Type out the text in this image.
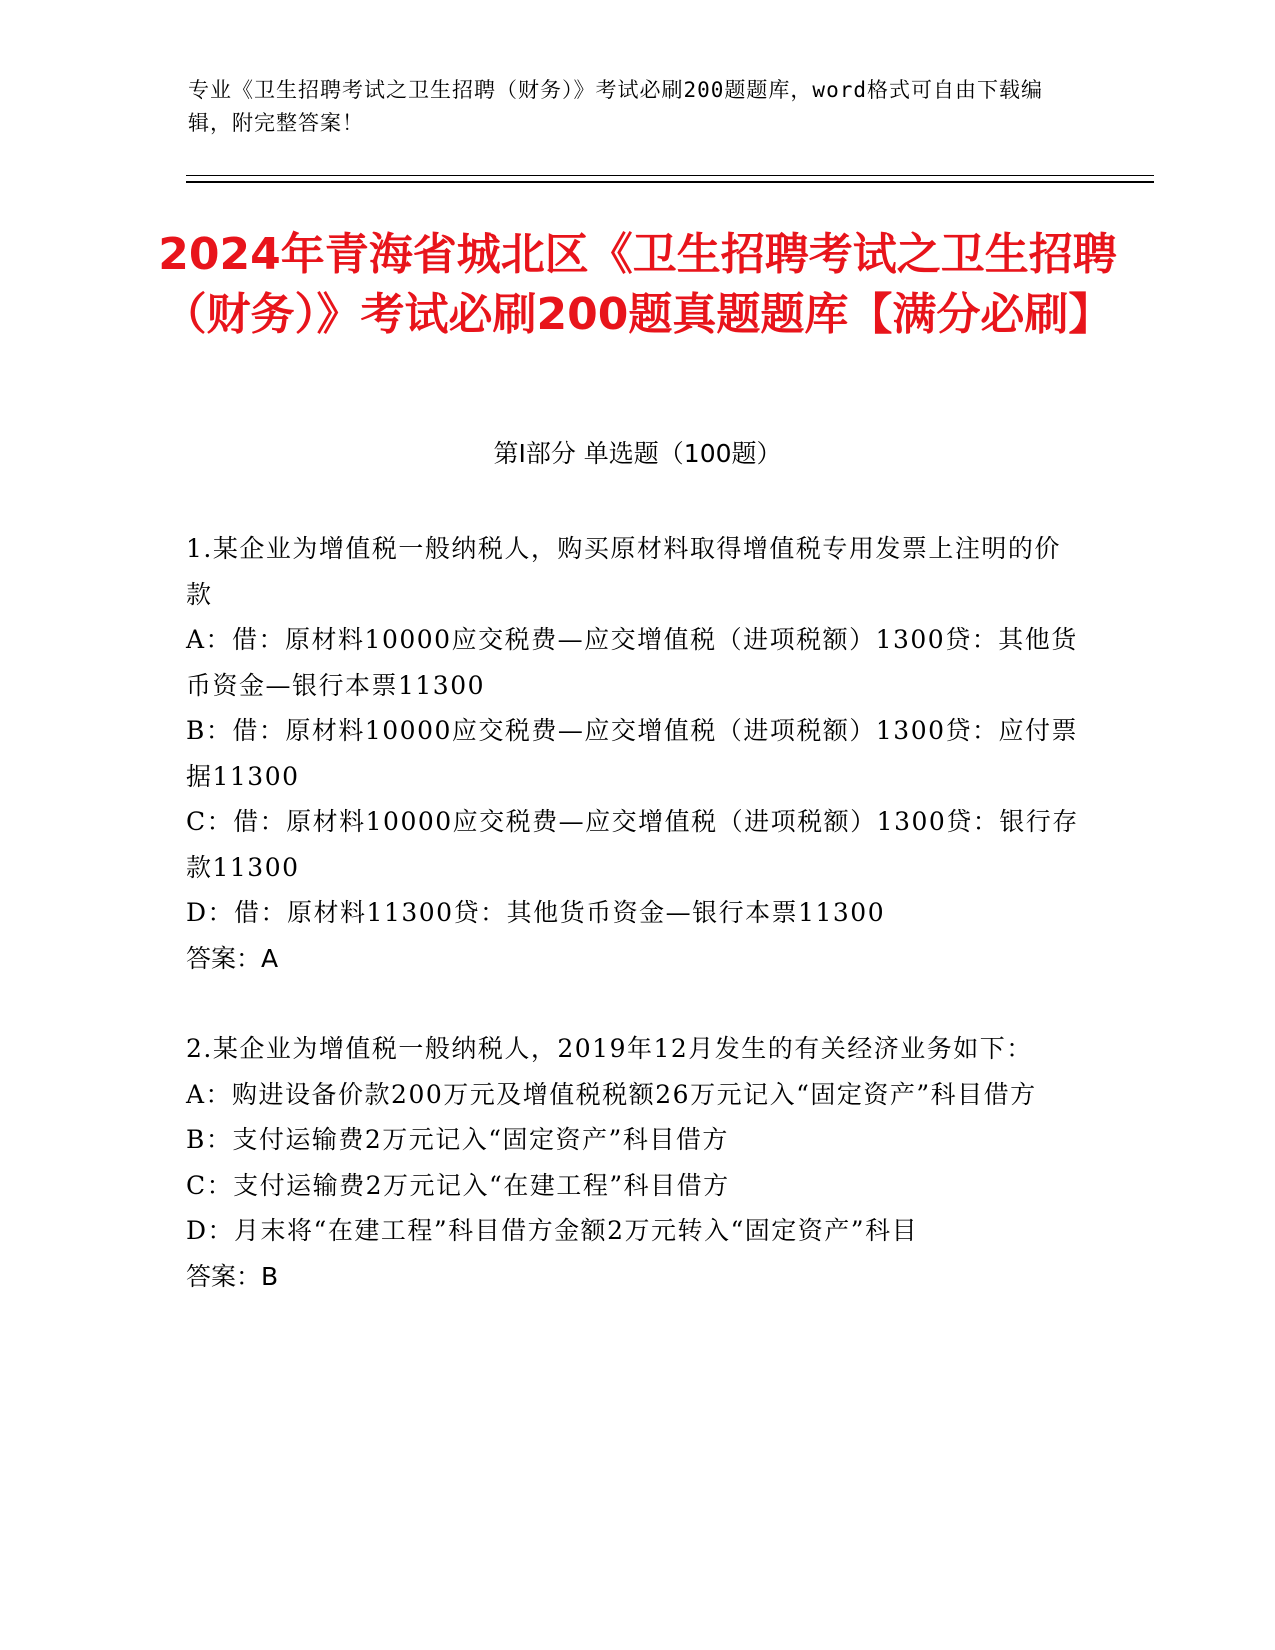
专业《卫生招聘考试之卫生招聘（财务）》考试必刷200题题库，word格式可自由下载编辑，附完整答案！
2024年青海省城北区《卫生招聘考试之卫生招聘（财务）》考试必刷200题真题题库【满分必刷】
第I部分 单选题（100题）
1.某企业为增值税一般纳税人，购买原材料取得增值税专用发票上注明的价款
A：借：原材料10000应交税费—应交增值税（进项税额）1300贷：其他货币资金—银行本票11300
B：借：原材料10000应交税费—应交增值税（进项税额）1300贷：应付票据11300
C：借：原材料10000应交税费—应交增值税（进项税额）1300贷：银行存款11300
D：借：原材料11300贷：其他货币资金—银行本票11300
答案：A
2.某企业为增值税一般纳税人，2019年12月发生的有关经济业务如下：
A：购进设备价款200万元及增值税税额26万元记入“固定资产”科目借方
B：支付运输费2万元记入“固定资产”科目借方
C：支付运输费2万元记入“在建工程”科目借方
D：月末将“在建工程”科目借方金额2万元转入“固定资产”科目
答案：B
